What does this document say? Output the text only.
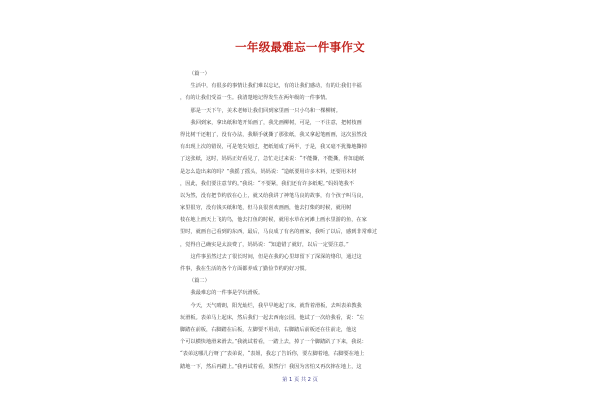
一年级最难忘一件事作文
（篇一）
生活中，有很多的事情让我们难以忘记，有的让我们感动，有的让我们丰福
，有的让我们受益一生。我清楚地记得发生在两年级的一件事情。
那是一天下午，美术老师让我们回到家里画一只小鸟和一棵柳树。
我回到家，拿出纸和笔开始画了，我先画柳树，可是，一不注意，把树枝画
得比树干还粗了，没有办法，我顺手就撕了那张纸，我又拿起笔画画，这次虽然没
有出现上次的错误，可是笔尖划过，把纸划成了两半，于是，我又毫不犹豫地撕掉
了这张纸，这时，妈妈正好看见了，急忙走过来说：“不能撕，不能撕，你知道纸
是怎么造出来的吗？”我摇了摇头，妈妈说：“造纸要用许多木料，还要用木材
，因此，我们要注意节约。”我说：“不要紧，我们还有许多纸呢。”妈妈笔我不
以为然，没有把节约放在心上，就又给我讲了神笔马良的故事，有个孩子叫马良，
家里很穷，没有钱买纸和笔，但马良很喜欢画画，他去打柴的时候，就用树
枝在地上画天上飞的鸟，他去打鱼的时候，就用水草在河滩上画水里游的鱼，在家
里时，就画自己看到的东西，最后，马良成了有名的画家，我听了以后，感到非常难过
，觉得自己确实是太浪费了，妈妈说：“知道错了就好，以后一定要注意。”
这件事虽然过去了很长时间，但是在我的心里却留下了深深的烙印，通过这
件事，我在生活的各个方面都养成了勤俭节约的好习惯。
（篇二）
我最难忘的一件事是学玩滑板。
今天，天气晴朗，阳光灿烂，我早早地起了床，就背着滑板，去叫表弟教我
玩滑板。表弟马上起床，然后我们一起去西南公园，他试了一次给我看，说：“左
脚踏在前板，右脚踏在后板，左脚要不用动，右脚踏后前板还在往前走，他这
个可以横快地滑来滑去。”我就试着看，一踏上去，掉了一个脚踏趴了下来，我说：
“表弟这哪儿行呀了”表弟说，“表姐，我忘了告诉你，要左脚着地，右脚要在地上
踏地一下，然后再踏上。”我再试着看，果然行！我因为害怕又再次摔在地上，这
第 1 页 共 2 页
